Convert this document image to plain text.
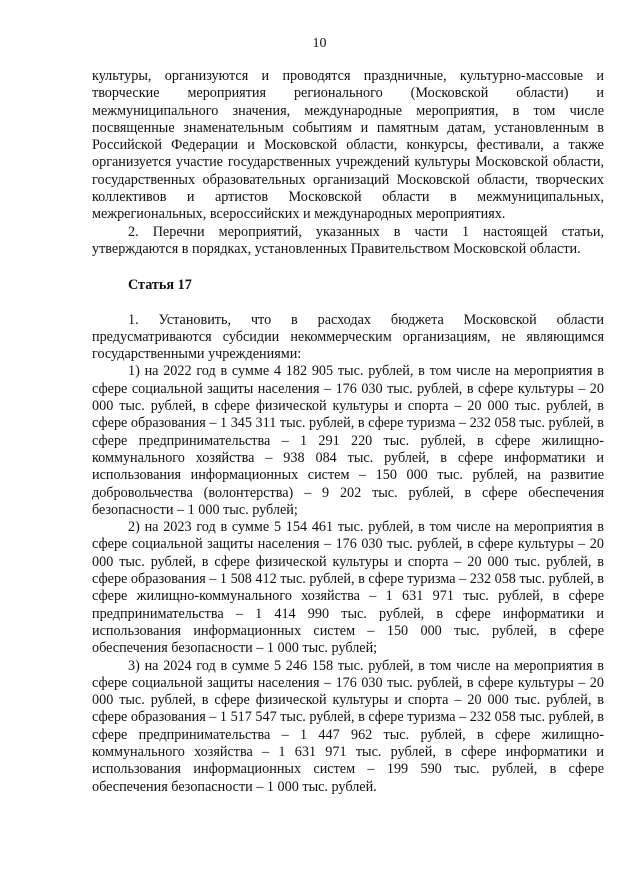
10

культуры, организуются и проводятся праздничные, культурно-массовые и творческие мероприятия регионального (Московской области) и межмуниципального значения, международные мероприятия, в том числе посвященные знаменательным событиям и памятным датам, установленным в Российской Федерации и Московской области, конкурсы, фестивали, а также организуется участие государственных учреждений культуры Московской области, государственных образовательных организаций Московской области, творческих коллективов и артистов Московской области в межмуниципальных, межрегиональных, всероссийских и международных мероприятиях.

2. Перечни мероприятий, указанных в части 1 настоящей статьи, утверждаются в порядках, установленных Правительством Московской области.

Статья 17

1. Установить, что в расходах бюджета Московской области предусматриваются субсидии некоммерческим организациям, не являющимся государственными учреждениями:

1) на 2022 год в сумме 4 182 905 тыс. рублей, в том числе на мероприятия в сфере социальной защиты населения – 176 030 тыс. рублей, в сфере культуры – 20 000 тыс. рублей, в сфере физической культуры и спорта – 20 000 тыс. рублей, в сфере образования – 1 345 311 тыс. рублей, в сфере туризма – 232 058 тыс. рублей, в сфере предпринимательства – 1 291 220 тыс. рублей, в сфере жилищно-коммунального хозяйства – 938 084 тыс. рублей, в сфере информатики и использования информационных систем – 150 000 тыс. рублей, на развитие добровольчества (волонтерства) – 9 202 тыс. рублей, в сфере обеспечения безопасности – 1 000 тыс. рублей;

2) на 2023 год в сумме 5 154 461 тыс. рублей, в том числе на мероприятия в сфере социальной защиты населения – 176 030 тыс. рублей, в сфере культуры – 20 000 тыс. рублей, в сфере физической культуры и спорта – 20 000 тыс. рублей, в сфере образования – 1 508 412 тыс. рублей, в сфере туризма – 232 058 тыс. рублей, в сфере жилищно-коммунального хозяйства – 1 631 971 тыс. рублей, в сфере предпринимательства – 1 414 990 тыс. рублей, в сфере информатики и использования информационных систем – 150 000 тыс. рублей, в сфере обеспечения безопасности – 1 000 тыс. рублей;

3) на 2024 год в сумме 5 246 158 тыс. рублей, в том числе на мероприятия в сфере социальной защиты населения – 176 030 тыс. рублей, в сфере культуры – 20 000 тыс. рублей, в сфере физической культуры и спорта – 20 000 тыс. рублей, в сфере образования – 1 517 547 тыс. рублей, в сфере туризма – 232 058 тыс. рублей, в сфере предпринимательства – 1 447 962 тыс. рублей, в сфере жилищно-коммунального хозяйства – 1 631 971 тыс. рублей, в сфере информатики и использования информационных систем – 199 590 тыс. рублей, в сфере обеспечения безопасности – 1 000 тыс. рублей.
